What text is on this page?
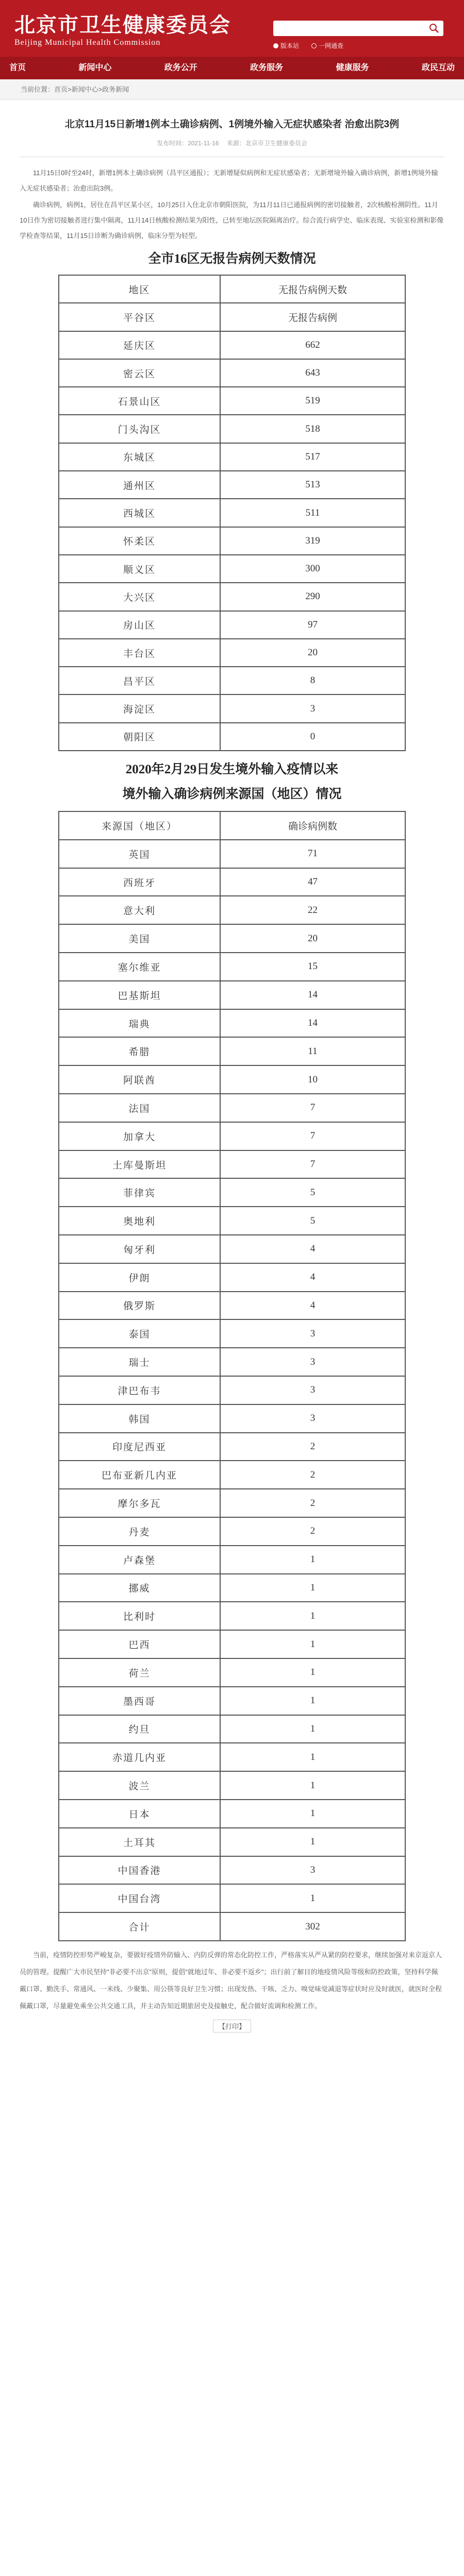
北京市卫生健康委员会
Beijing Municipal Health Commission	版本站	一网通查
首页	新闻中心	政务公开	政务服务	健康服务	政民互动
当前位置：首页>新闻中心>政务新闻
北京11月15日新增1例本土确诊病例、1例境外输入无症状感染者 治愈出院3例
发布时间：2021-11-16 来源：北京市卫生健康委员会

11月15日0时至24时，新增1例本土确诊病例（昌平区通报）；无新增疑似病例和无症状感染者；无新增境外输入确诊病例，新增1例境外输入无症状感染者；治愈出院3例。

确诊病例，病例1，居住在昌平区某小区，10月25日入住北京市朝阳医院，为11月11日已通报病例的密切接触者，2次核酸检测阴性。11月10日作为密切接触者进行集中隔离，11月14日核酸检测结果为阳性，已转至地坛医院隔离治疗。综合流行病学史、临床表现、实验室检测和影像学检查等结果，11月15日诊断为确诊病例，临床分型为轻型。

全市16区无报告病例天数情况
地区	无报告病例天数
平谷区	无报告病例
延庆区	662
密云区	643
石景山区	519
门头沟区	518
东城区	517
通州区	513
西城区	511
怀柔区	319
顺义区	300
大兴区	290
房山区	97
丰台区	20
昌平区	8
海淀区	3
朝阳区	0
2020年2月29日发生境外输入疫情以来
境外输入确诊病例来源国（地区）情况
来源国（地区）	确诊病例数
英国	71
西班牙	47
意大利	22
美国	20
塞尔维亚	15
巴基斯坦	14
瑞典	14
希腊	11
阿联酋	10
法国	7
加拿大	7
土库曼斯坦	7
菲律宾	5
奥地利	5
匈牙利	4
伊朗	4
俄罗斯	4
泰国	3
瑞士	3
津巴布韦	3
韩国	3
印度尼西亚	2
巴布亚新几内亚	2
摩尔多瓦	2
丹麦	2
卢森堡	1
挪威	1
比利时	1
巴西	1
荷兰	1
墨西哥	1
约旦	1
赤道几内亚	1
波兰	1
日本	1
土耳其	1
中国香港	3
中国台湾	1
合计	302

当前，疫情防控形势严峻复杂，要做好疫情外防输入、内防反弹的常态化防控工作，严格落实从严从紧的防控要求，继续加强对来京返京人员的管理。提醒广大市民坚持"非必要不出京"原则，提倡"就地过年、非必要不返乡"；出行前了解目的地疫情风险等级和防控政策，坚持科学佩戴口罩、勤洗手、常通风、一米线、少聚集、用公筷等良好卫生习惯；出现发热、干咳、乏力、嗅觉味觉减退等症状时应及时就医，就医时全程佩戴口罩，尽量避免乘坐公共交通工具，并主动告知近期旅居史及接触史，配合做好流调和检测工作。

【打印】
